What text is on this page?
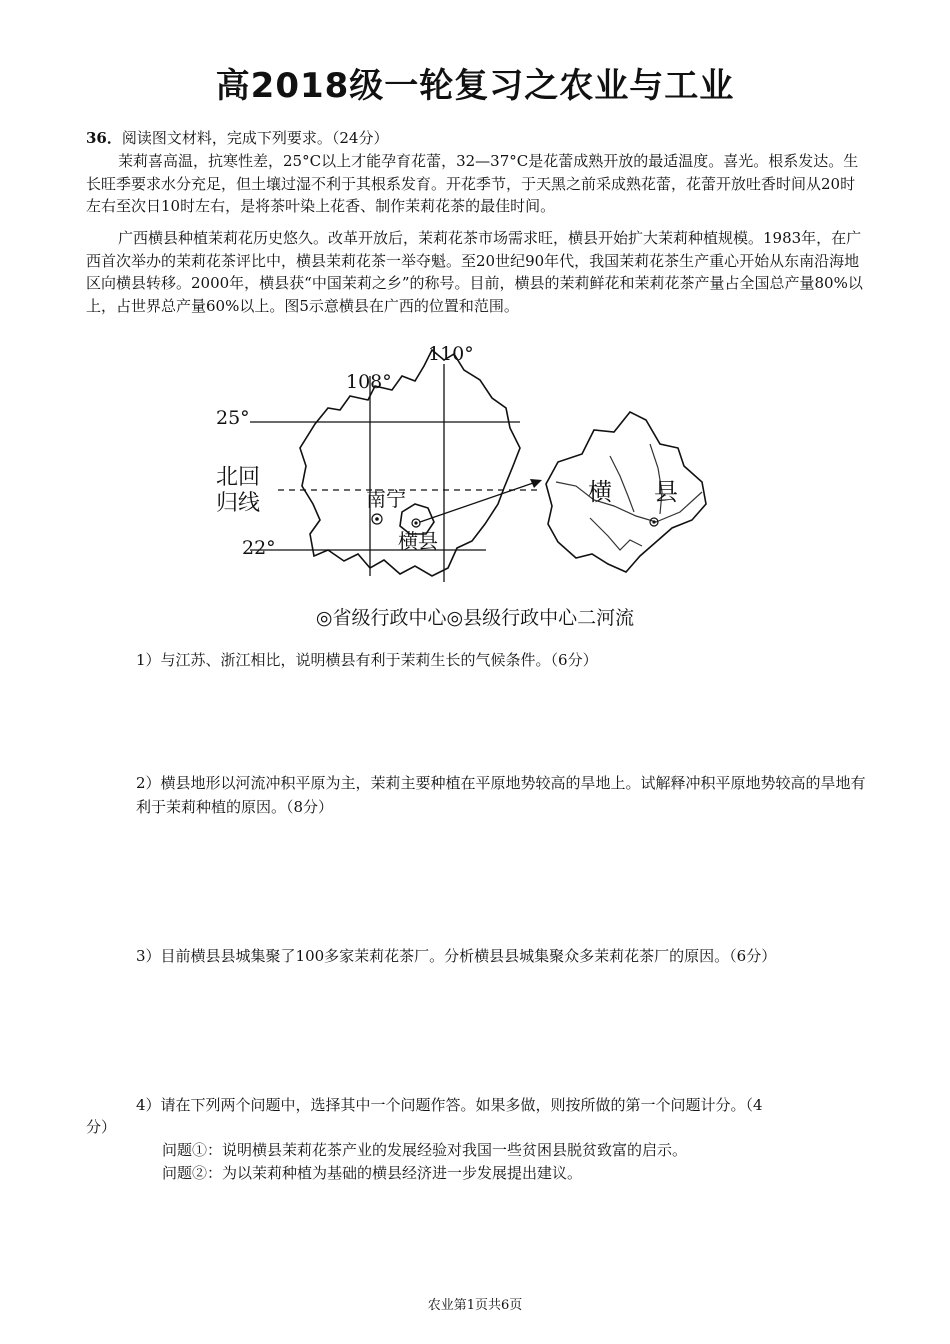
高2018级一轮复习之农业与工业
36．阅读图文材料，完成下列要求。（24分）
茉莉喜高温，抗寒性差，25°C以上才能孕育花蕾，32—37°C是花蕾成熟开放的最适温度。喜光。根系发达。生长旺季要求水分充足，但土壤过湿不利于其根系发育。开花季节，于天黑之前采成熟花蕾，花蕾开放吐香时间从20时左右至次日10时左右，是将茶叶染上花香、制作茉莉花茶的最佳时间。
广西横县种植茉莉花历史悠久。改革开放后，茉莉花茶市场需求旺，横县开始扩大茉莉种植规模。1983年，在广西首次举办的茉莉花茶评比中，横县茉莉花茶一举夺魁。至20世纪90年代，我国茉莉花茶生产重心开始从东南沿海地区向横县转移。2000年，横县获“中国茉莉之乡”的称号。目前，横县的茉莉鲜花和茉莉花茶产量占全国总产量80%以上，占世界总产量60%以上。图5示意横县在广西的位置和范围。
110°
108°
25°
22°
北回
归线	南宁
横县
横 县
◎省级行政中心◎县级行政中心二河流
1）与江苏、浙江相比，说明横县有利于茉莉生长的气候条件。（6分）
2）横县地形以河流冲积平原为主，茉莉主要种植在平原地势较高的旱地上。试解释冲积平原地势较高的旱地有利于茉莉种植的原因。（8分）
3）目前横县县城集聚了100多家茉莉花茶厂。分析横县县城集聚众多茉莉花茶厂的原因。（6分）
4）请在下列两个问题中，选择其中一个问题作答。如果多做，则按所做的第一个问题计分。（4
分）
问题①：说明横县茉莉花茶产业的发展经验对我国一些贫困县脱贫致富的启示。
问题②：为以茉莉种植为基础的横县经济进一步发展提出建议。
农业第1页共6页
